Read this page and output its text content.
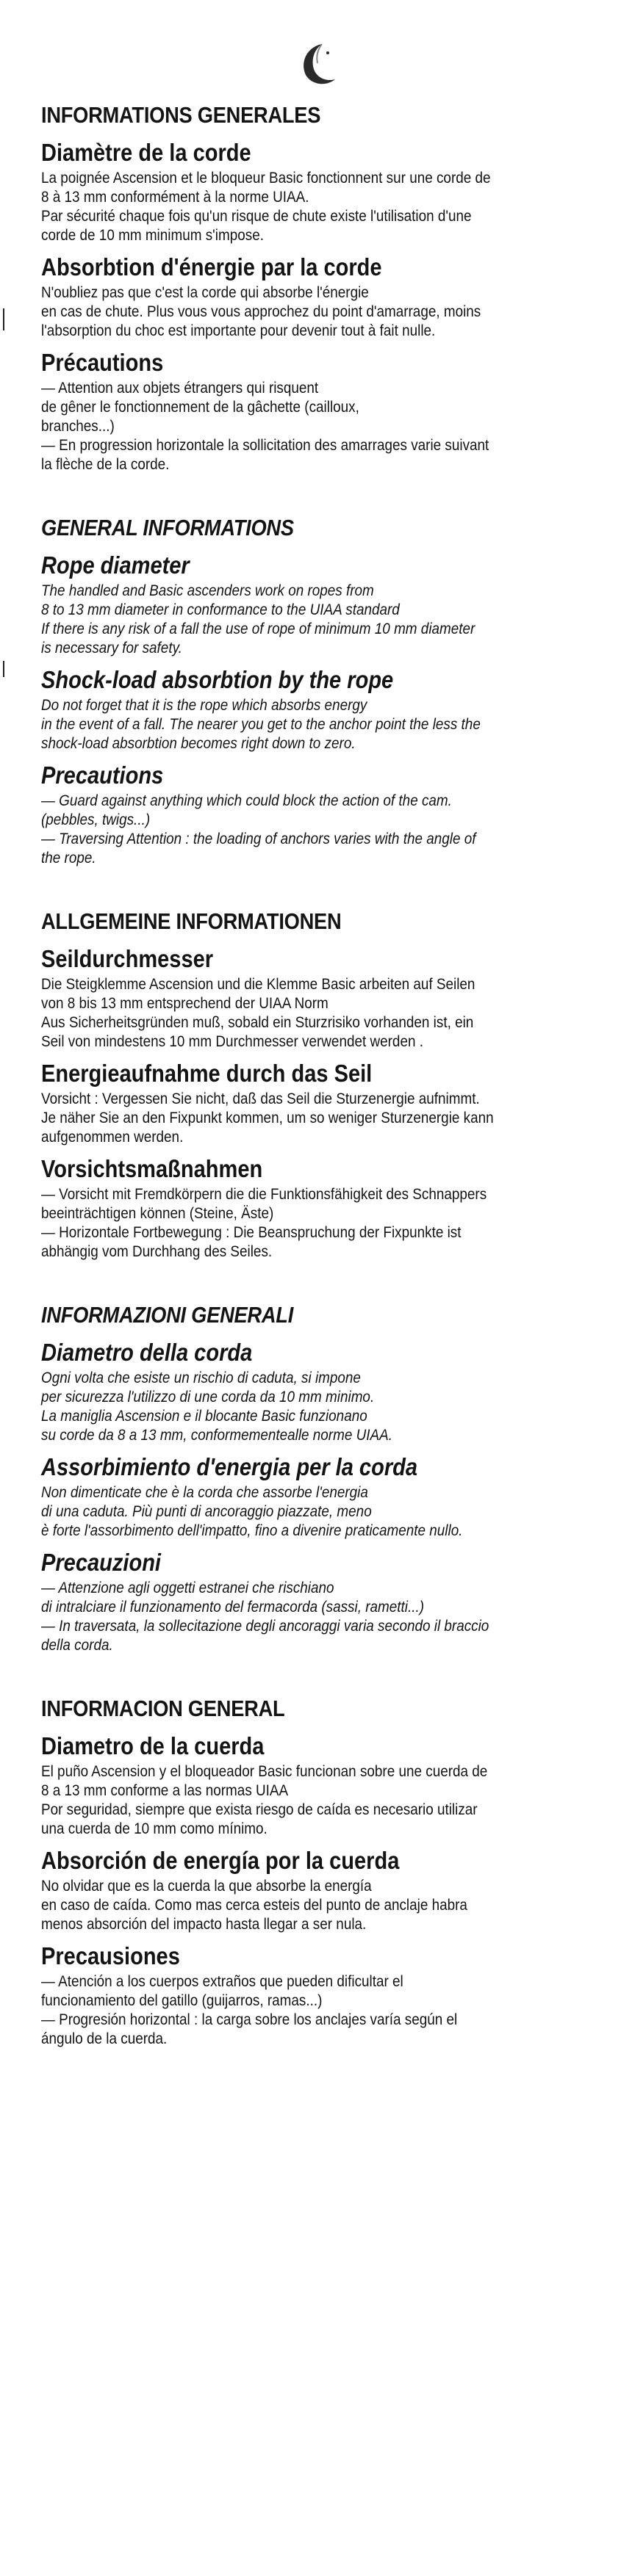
INFORMATIONS GENERALES
Diamètre de la corde
La poignée Ascension et le bloqueur Basic fonctionnent sur une corde de
8 à 13 mm conformément à la norme UIAA.
Par sécurité chaque fois qu'un risque de chute existe l'utilisation d'une
corde de 10 mm minimum s'impose.
Absorbtion d'énergie par la corde
N'oubliez pas que c'est la corde qui absorbe l'énergie
en cas de chute. Plus vous vous approchez du point d'amarrage, moins
l'absorption du choc est importante pour devenir tout à fait nulle.
Précautions
— Attention aux objets étrangers qui risquent
de gêner le fonctionnement de la gâchette (cailloux,
branches...)
— En progression horizontale la sollicitation des amarrages varie suivant
la flèche de la corde.
GENERAL INFORMATIONS
Rope diameter
The handled and Basic ascenders work on ropes from
8 to 13 mm diameter in conformance to the UIAA standard
If there is any risk of a fall the use of rope of minimum 10 mm diameter
is necessary for safety.
Shock-load absorbtion by the rope
Do not forget that it is the rope which absorbs energy
in the event of a fall. The nearer you get to the anchor point the less the
shock-load absorbtion becomes right down to zero.
Precautions
— Guard against anything which could block the action of the cam.
(pebbles, twigs...)
— Traversing Attention : the loading of anchors varies with the angle of
the rope.
ALLGEMEINE INFORMATIONEN
Seildurchmesser
Die Steigklemme Ascension und die Klemme Basic arbeiten auf Seilen
von 8 bis 13 mm entsprechend der UIAA Norm
Aus Sicherheitsgründen muß, sobald ein Sturzrisiko vorhanden ist, ein
Seil von mindestens 10 mm Durchmesser verwendet werden .
Energieaufnahme durch das Seil
Vorsicht : Vergessen Sie nicht, daß das Seil die Sturzenergie aufnimmt.
Je näher Sie an den Fixpunkt kommen, um so weniger Sturzenergie kann
aufgenommen werden.
Vorsichtsmaßnahmen
— Vorsicht mit Fremdkörpern die die Funktionsfähigkeit des Schnappers
beeinträchtigen können (Steine, Äste)
— Horizontale Fortbewegung : Die Beanspruchung der Fixpunkte ist
abhängig vom Durchhang des Seiles.
INFORMAZIONI GENERALI
Diametro della corda
Ogni volta che esiste un rischio di caduta, si impone
per sicurezza l'utilizzo di une corda da 10 mm minimo.
La maniglia Ascension e il blocante Basic funzionano
su corde da 8 a 13 mm, conformementealle norme UIAA.
Assorbimiento d'energia per la corda
Non dimenticate che è la corda che assorbe l'energia
di una caduta. Più punti di ancoraggio piazzate, meno
è forte l'assorbimento dell'impatto, fino a divenire praticamente nullo.
Precauzioni
— Attenzione agli oggetti estranei che rischiano
di intralciare il funzionamento del fermacorda (sassi, rametti...)
— In traversata, la sollecitazione degli ancoraggi varia secondo il braccio
della corda.
INFORMACION GENERAL
Diametro de la cuerda
El puño Ascension y el bloqueador Basic funcionan sobre une cuerda de
8 a 13 mm conforme a las normas UIAA
Por seguridad, siempre que exista riesgo de caída es necesario utilizar
una cuerda de 10 mm como mínimo.
Absorción de energía por la cuerda
No olvidar que es la cuerda la que absorbe la energía
en caso de caída. Como mas cerca esteis del punto de anclaje habra
menos absorción del impacto hasta llegar a ser nula.
Precausiones
— Atención a los cuerpos extraños que pueden dificultar el
funcionamiento del gatillo (guijarros, ramas...)
— Progresión horizontal : la carga sobre los anclajes varía según el
ángulo de la cuerda.
